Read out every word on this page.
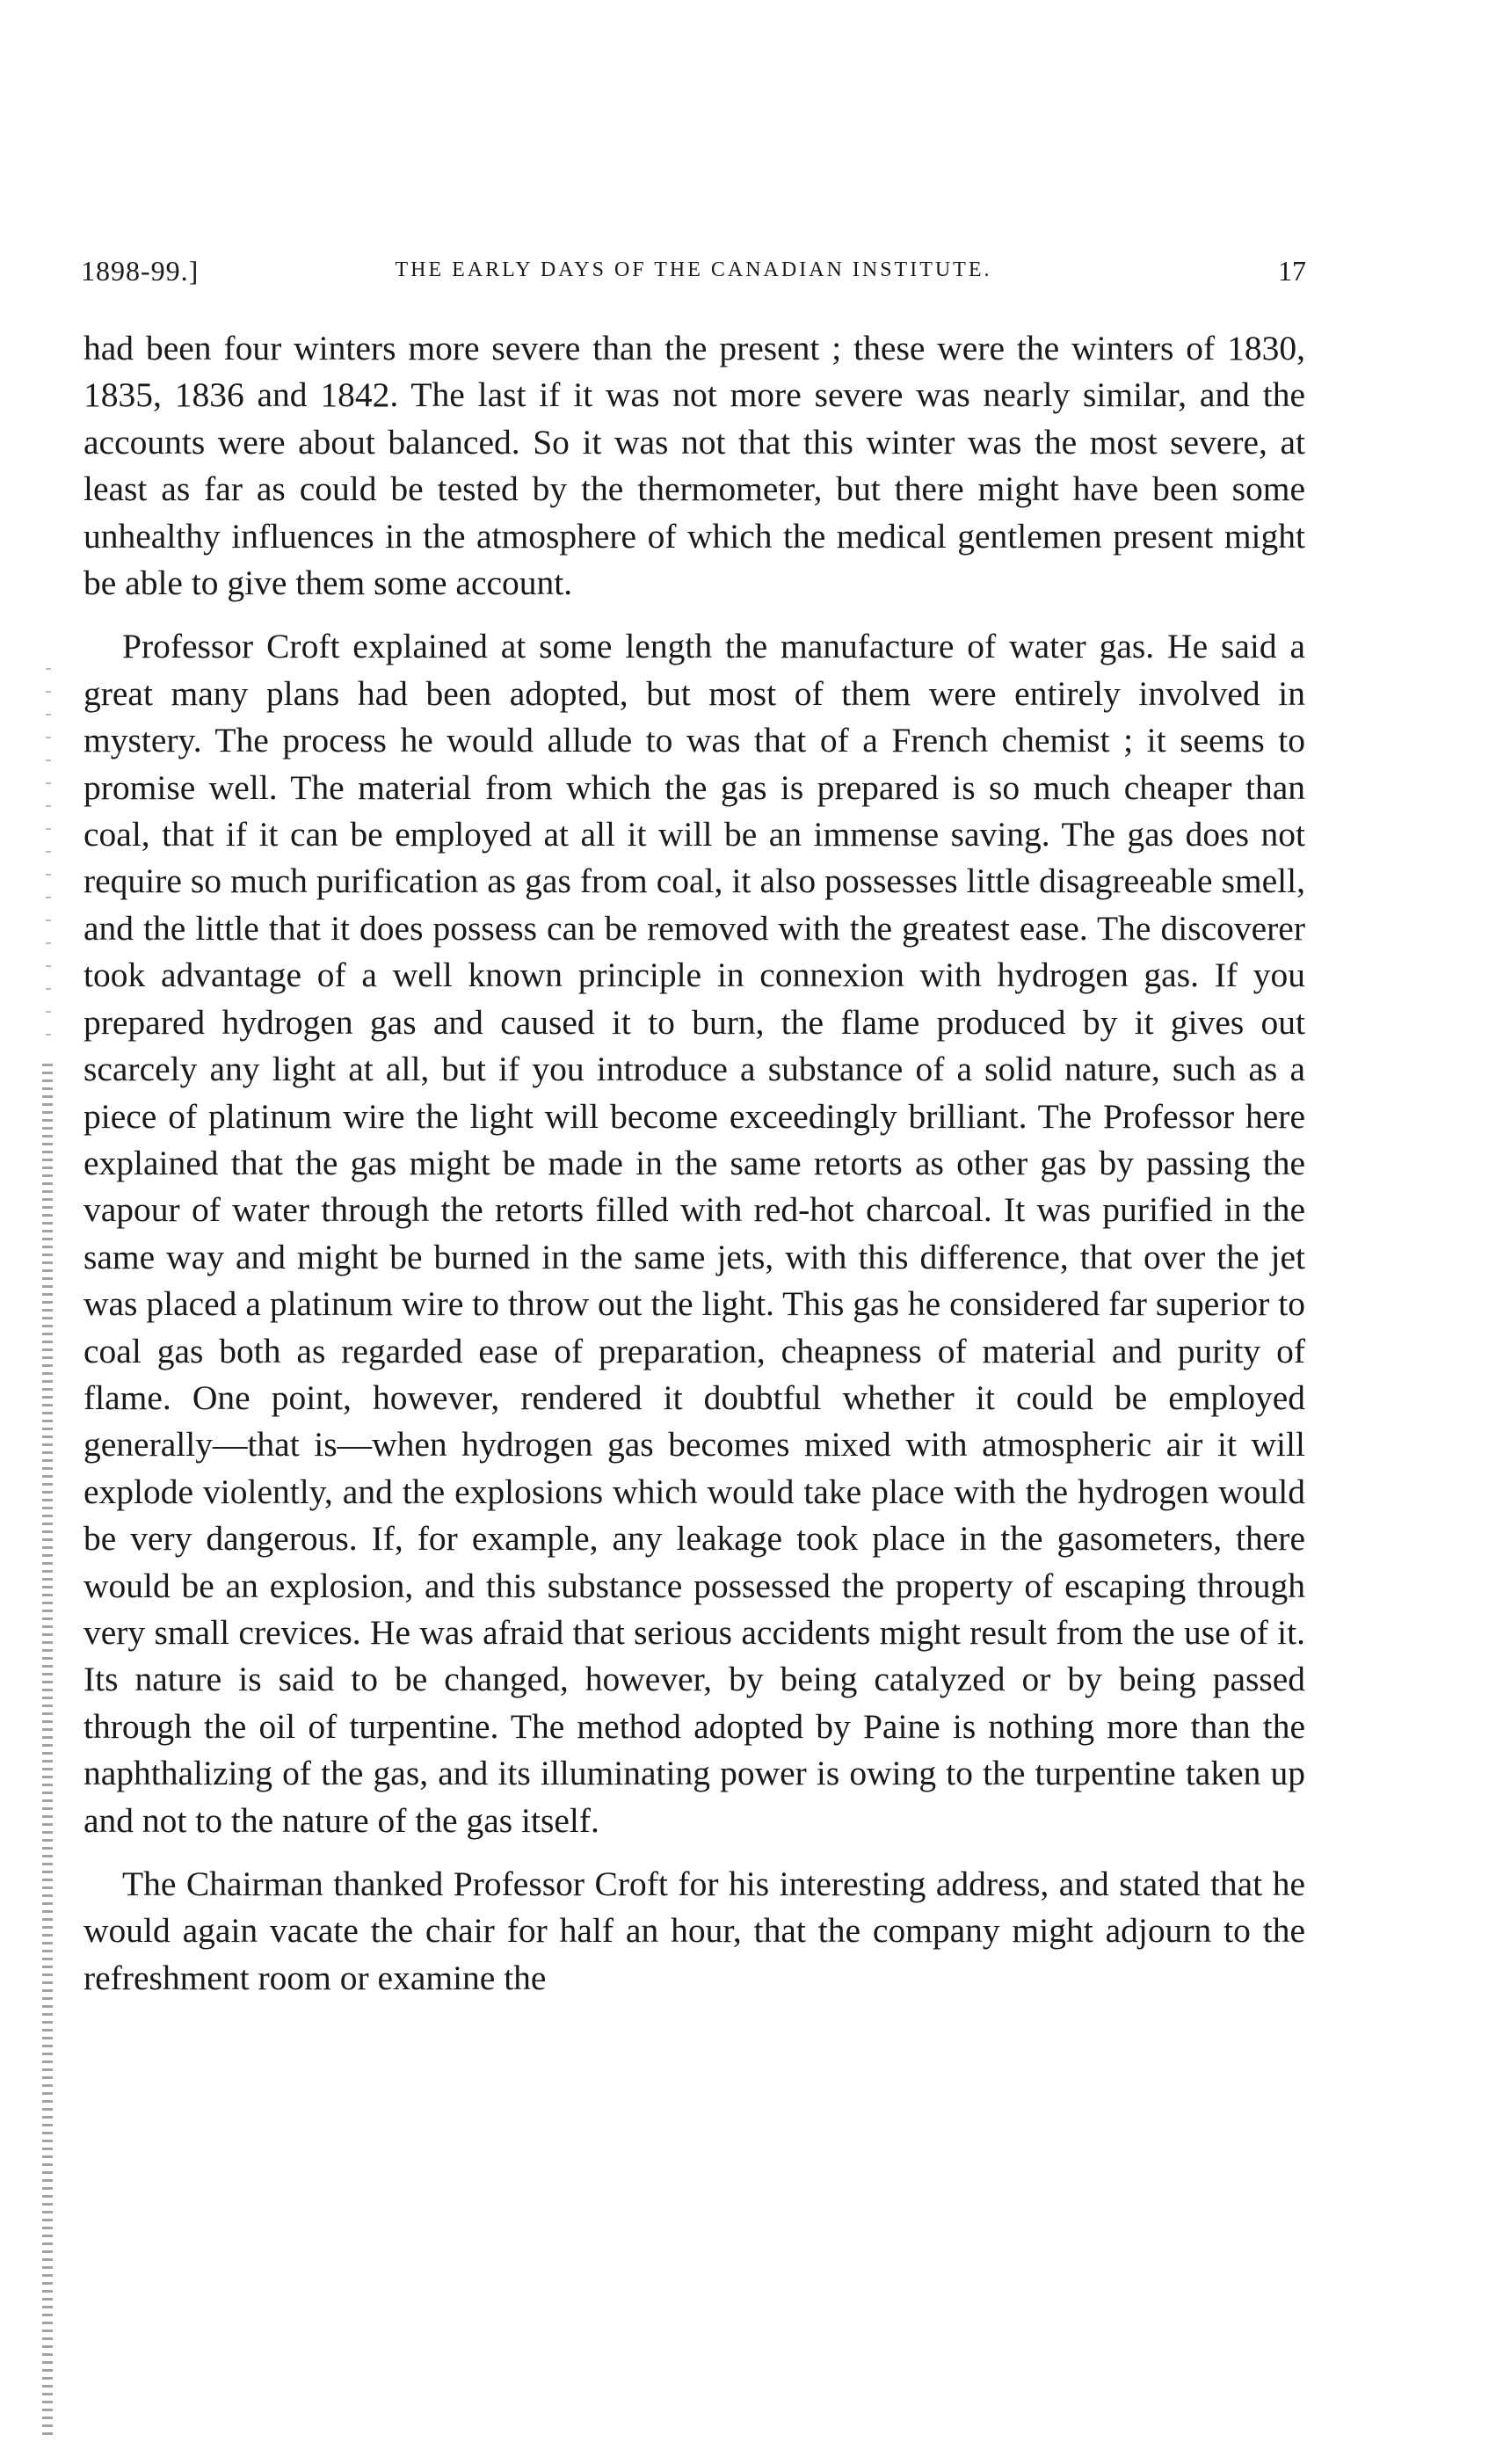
1898-99.]	THE EARLY DAYS OF THE CANADIAN INSTITUTE.	17

had been four winters more severe than the present ; these were the winters of 1830, 1835, 1836 and 1842. The last if it was not more severe was nearly similar, and the accounts were about balanced. So it was not that this winter was the most severe, at least as far as could be tested by the thermometer, but there might have been some unhealthy influences in the atmosphere of which the medical gentlemen present might be able to give them some account.

Professor Croft explained at some length the manufacture of water gas. He said a great many plans had been adopted, but most of them were entirely involved in mystery. The process he would allude to was that of a French chemist ; it seems to promise well. The material from which the gas is prepared is so much cheaper than coal, that if it can be employed at all it will be an immense saving. The gas does not require so much purification as gas from coal, it also possesses little disagreeable smell, and the little that it does possess can be removed with the greatest ease. The discoverer took advantage of a well known principle in connexion with hydrogen gas. If you prepared hydrogen gas and caused it to burn, the flame produced by it gives out scarcely any light at all, but if you introduce a substance of a solid nature, such as a piece of platinum wire the light will become exceedingly brilliant. The Professor here explained that the gas might be made in the same retorts as other gas by passing the vapour of water through the retorts filled with red-hot charcoal. It was purified in the same way and might be burned in the same jets, with this difference, that over the jet was placed a platinum wire to throw out the light. This gas he considered far superior to coal gas both as regarded ease of preparation, cheapness of material and purity of flame. One point, however, rendered it doubtful whether it could be employed generally—that is—when hydrogen gas becomes mixed with atmospheric air it will explode violently, and the explosions which would take place with the hydrogen would be very dangerous. If, for example, any leakage took place in the gasometers, there would be an explosion, and this substance possessed the property of escaping through very small crevices. He was afraid that serious accidents might result from the use of it. Its nature is said to be changed, however, by being catalyzed or by being passed through the oil of turpentine. The method adopted by Paine is nothing more than the naphthalizing of the gas, and its illuminating power is owing to the turpentine taken up and not to the nature of the gas itself.

The Chairman thanked Professor Croft for his interesting address, and stated that he would again vacate the chair for half an hour, that the company might adjourn to the refreshment room or examine the
